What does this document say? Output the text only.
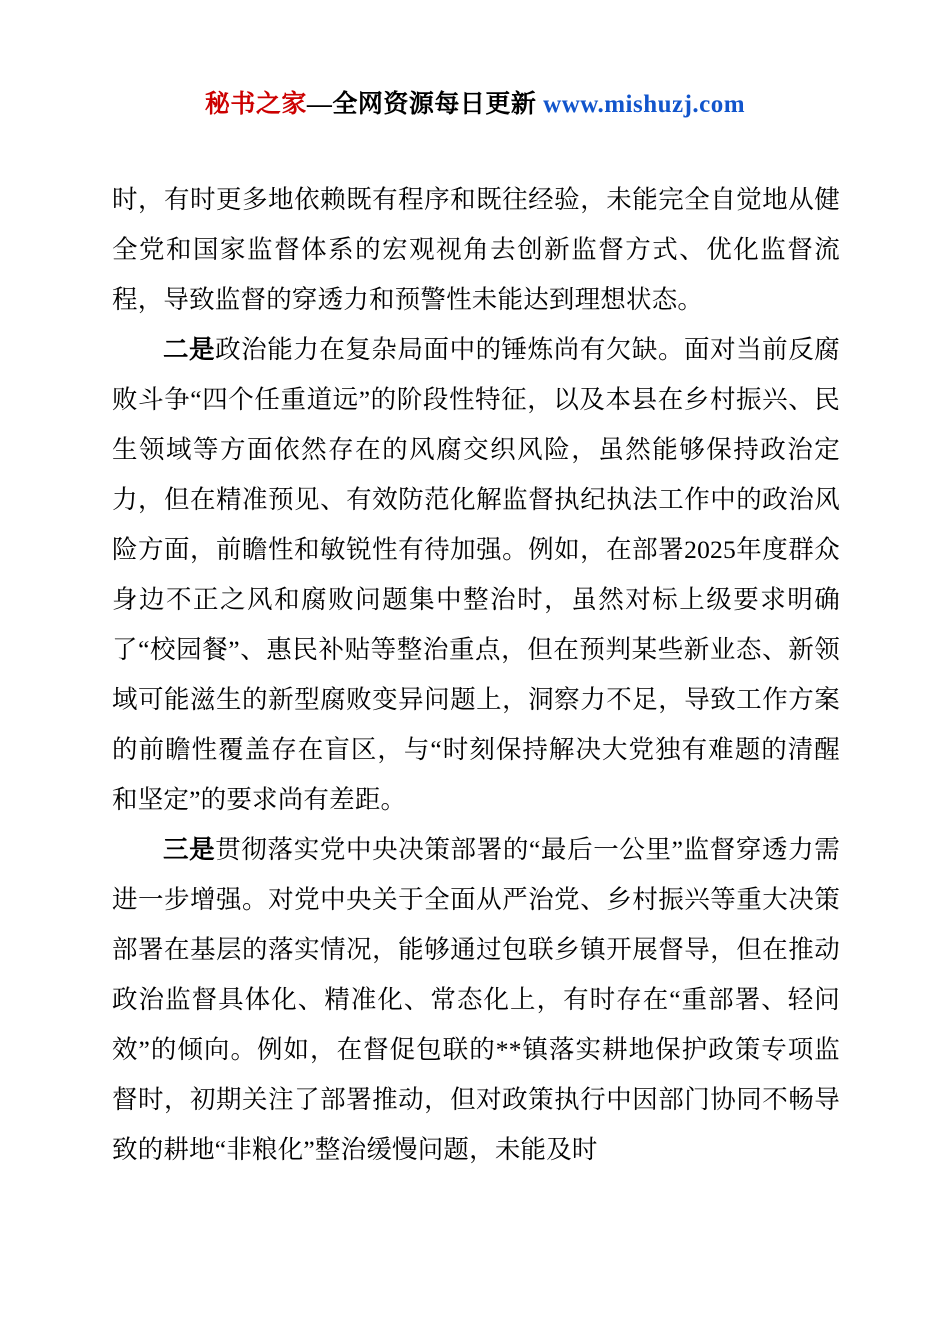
秘书之家—全网资源每日更新 www.mishuzj.com

时，有时更多地依赖既有程序和既往经验，未能完全自觉地从健全党和国家监督体系的宏观视角去创新监督方式、优化监督流程，导致监督的穿透力和预警性未能达到理想状态。

二是政治能力在复杂局面中的锤炼尚有欠缺。面对当前反腐败斗争“四个任重道远”的阶段性特征，以及本县在乡村振兴、民生领域等方面依然存在的风腐交织风险，虽然能够保持政治定力，但在精准预见、有效防范化解监督执纪执法工作中的政治风险方面，前瞻性和敏锐性有待加强。例如，在部署2025年度群众身边不正之风和腐败问题集中整治时，虽然对标上级要求明确了“校园餐”、惠民补贴等整治重点，但在预判某些新业态、新领域可能滋生的新型腐败变异问题上，洞察力不足，导致工作方案的前瞻性覆盖存在盲区，与“时刻保持解决大党独有难题的清醒和坚定”的要求尚有差距。

三是贯彻落实党中央决策部署的“最后一公里”监督穿透力需进一步增强。对党中央关于全面从严治党、乡村振兴等重大决策部署在基层的落实情况，能够通过包联乡镇开展督导，但在推动政治监督具体化、精准化、常态化上，有时存在“重部署、轻问效”的倾向。例如，在督促包联的**镇落实耕地保护政策专项监督时，初期关注了部署推动，但对政策执行中因部门协同不畅导致的耕地“非粮化”整治缓慢问题，未能及时
